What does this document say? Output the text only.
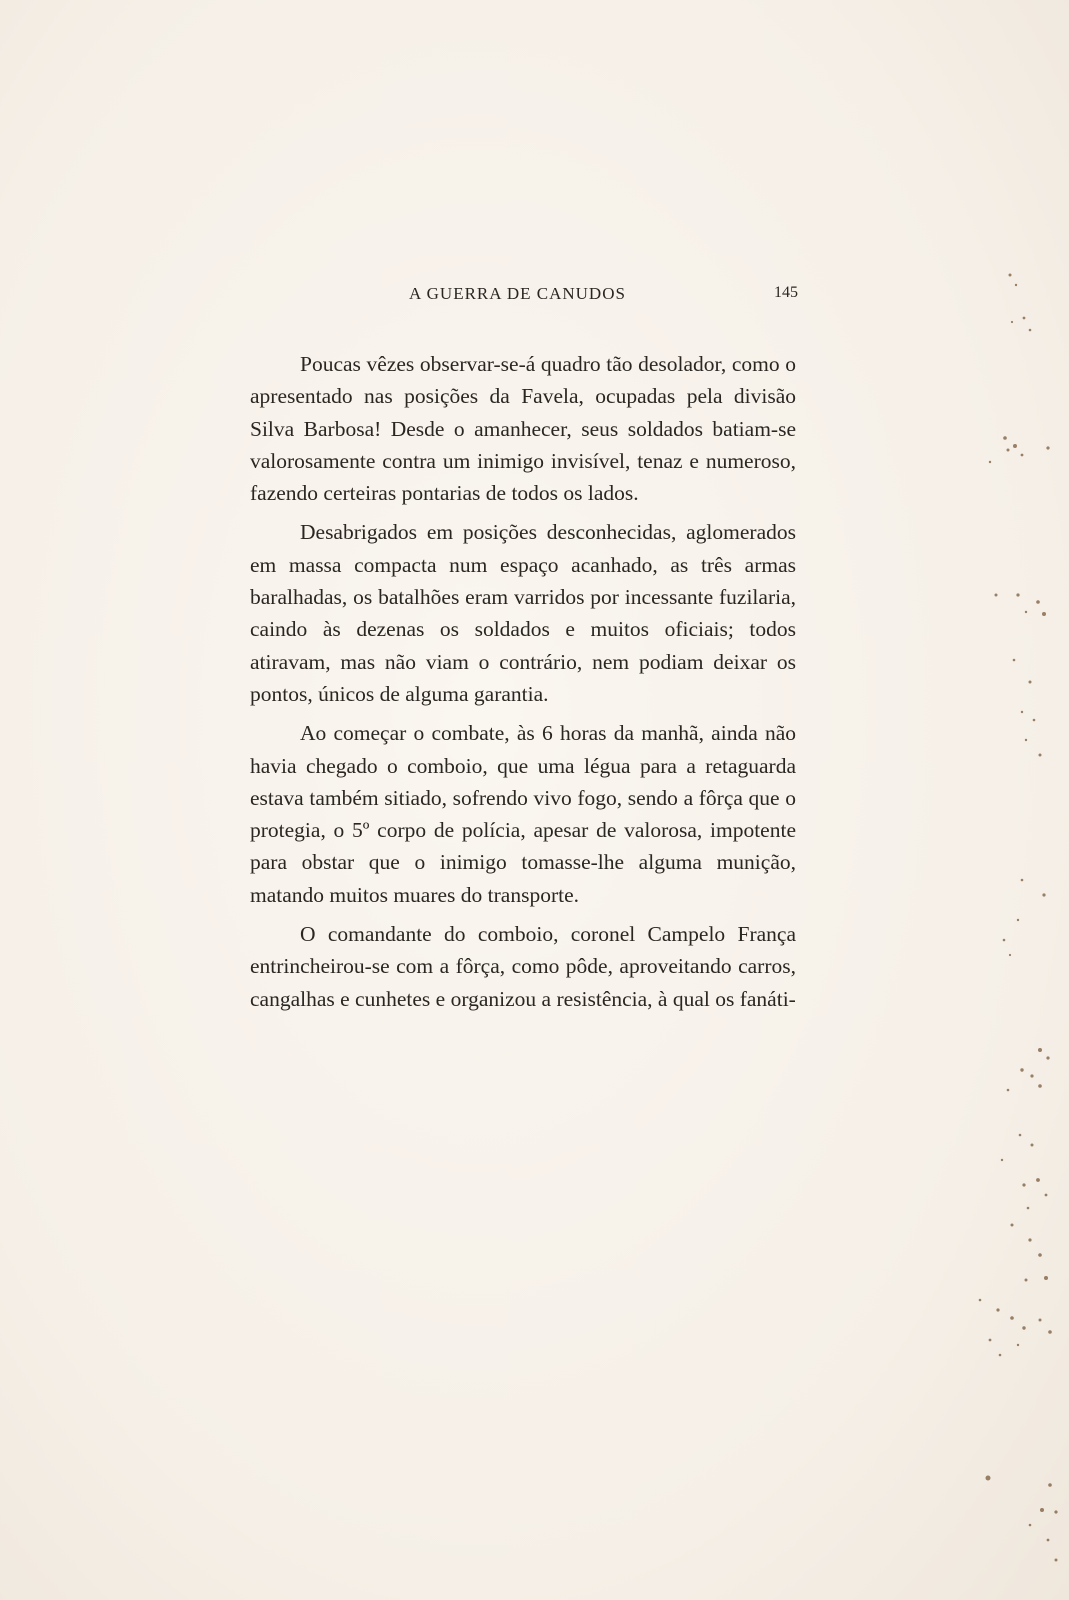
A GUERRA DE CANUDOS	145

Poucas vêzes observar-se-á quadro tão desolador, como o apresentado nas posições da Favela, ocupadas pela divisão Silva Barbosa! Desde o amanhecer, seus soldados batiam-se valorosamente contra um inimigo invisível, tenaz e numeroso, fazendo certeiras pontarias de todos os lados.

Desabrigados em posições desconhecidas, aglomerados em massa compacta num espaço acanhado, as três armas baralhadas, os batalhões eram varridos por incessante fuzilaria, caindo às dezenas os soldados e muitos oficiais; todos atiravam, mas não viam o contrário, nem podiam deixar os pontos, únicos de alguma garantia.

Ao começar o combate, às 6 horas da manhã, ainda não havia chegado o comboio, que uma légua para a retaguarda estava também sitiado, sofrendo vivo fogo, sendo a fôrça que o protegia, o 5º corpo de polícia, apesar de valorosa, impotente para obstar que o inimigo tomasse-lhe alguma munição, matando muitos muares do transporte.

O comandante do comboio, coronel Campelo França entrincheirou-se com a fôrça, como pôde, aproveitando carros, cangalhas e cunhetes e organizou a resistência, à qual os fanáti-
